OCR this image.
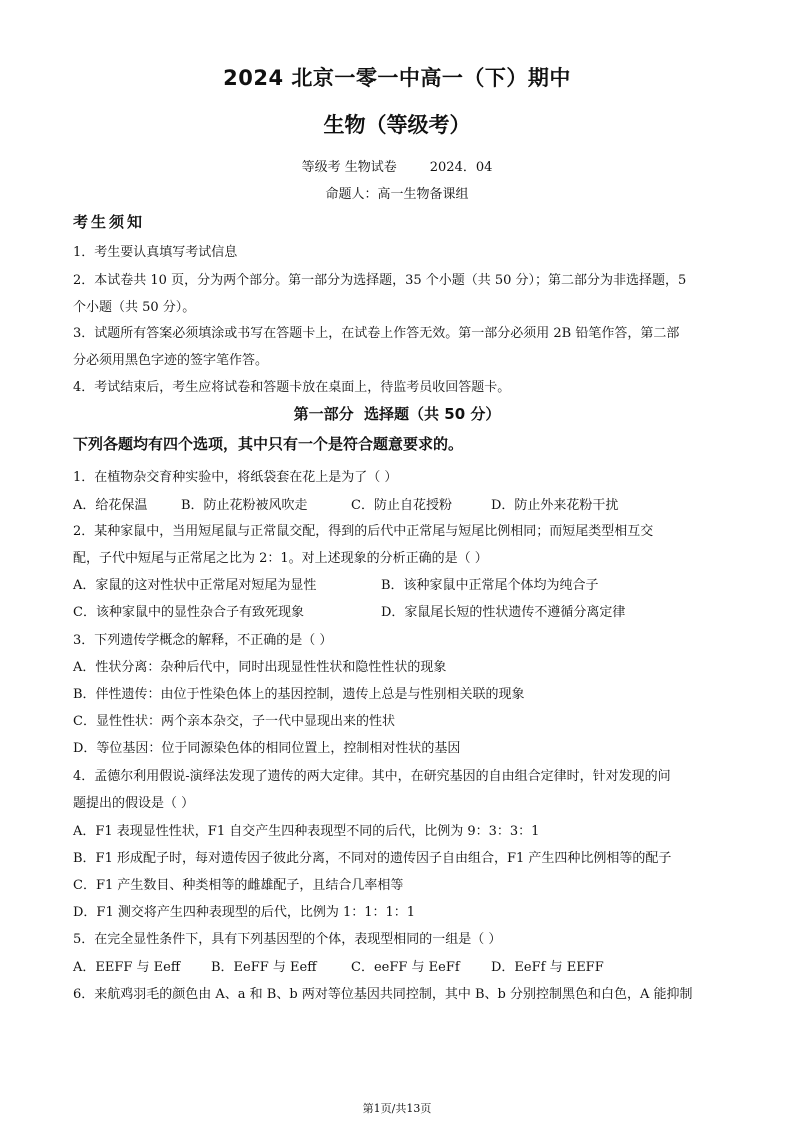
2024 北京一零一中高一（下）期中
生物（等级考）
等级考 生物试卷        2024．04
命题人：高一生物备课组
考生须知
1．考生要认真填写考试信息
2．本试卷共 10 页，分为两个部分。第一部分为选择题，35 个小题（共 50 分）；第二部分为非选择题，5
个小题（共 50 分）。
3．试题所有答案必须填涂或书写在答题卡上，在试卷上作答无效。第一部分必须用 2B 铅笔作答，第二部
分必须用黑色字迹的签字笔作答。
4．考试结束后，考生应将试卷和答题卡放在桌面上，待监考员收回答题卡。
第一部分  选择题（共 50 分）
下列各题均有四个选项，其中只有一个是符合题意要求的。
1．在植物杂交育种实验中，将纸袋套在花上是为了（ ）
A．给花保温	B．防止花粉被风吹走	C．防止自花授粉	D．防止外来花粉干扰
2．某种家鼠中，当用短尾鼠与正常鼠交配，得到的后代中正常尾与短尾比例相同；而短尾类型相互交
配，子代中短尾与正常尾之比为 2：1。对上述现象的分析正确的是（ ）
A．家鼠的这对性状中正常尾对短尾为显性	B．该种家鼠中正常尾个体均为纯合子
C．该种家鼠中的显性杂合子有致死现象	D．家鼠尾长短的性状遗传不遵循分离定律
3．下列遗传学概念的解释，不正确的是（ ）
A．性状分离：杂种后代中，同时出现显性性状和隐性性状的现象
B．伴性遗传：由位于性染色体上的基因控制，遗传上总是与性别相关联的现象
C．显性性状：两个亲本杂交，子一代中显现出来的性状
D．等位基因：位于同源染色体的相同位置上，控制相对性状的基因
4．孟德尔利用假说-演绎法发现了遗传的两大定律。其中，在研究基因的自由组合定律时，针对发现的问
题提出的假设是（ ）
A．F1 表现显性性状，F1 自交产生四种表现型不同的后代，比例为 9：3：3：1
B．F1 形成配子时，每对遗传因子彼此分离，不同对的遗传因子自由组合，F1 产生四种比例相等的配子
C．F1 产生数目、种类相等的雌雄配子，且结合几率相等
D．F1 测交将产生四种表现型的后代，比例为 1：1：1：1
5．在完全显性条件下，具有下列基因型的个体，表现型相同的一组是（ ）
A．EEFF 与 Eeff B．EeFF 与 Eeff	C．eeFF 与 EeFf D．EeFf 与 EEFF
6．来航鸡羽毛的颜色由 A、a 和 B、b 两对等位基因共同控制，其中 B、b 分别控制黑色和白色，A 能抑制
第1页/共13页
